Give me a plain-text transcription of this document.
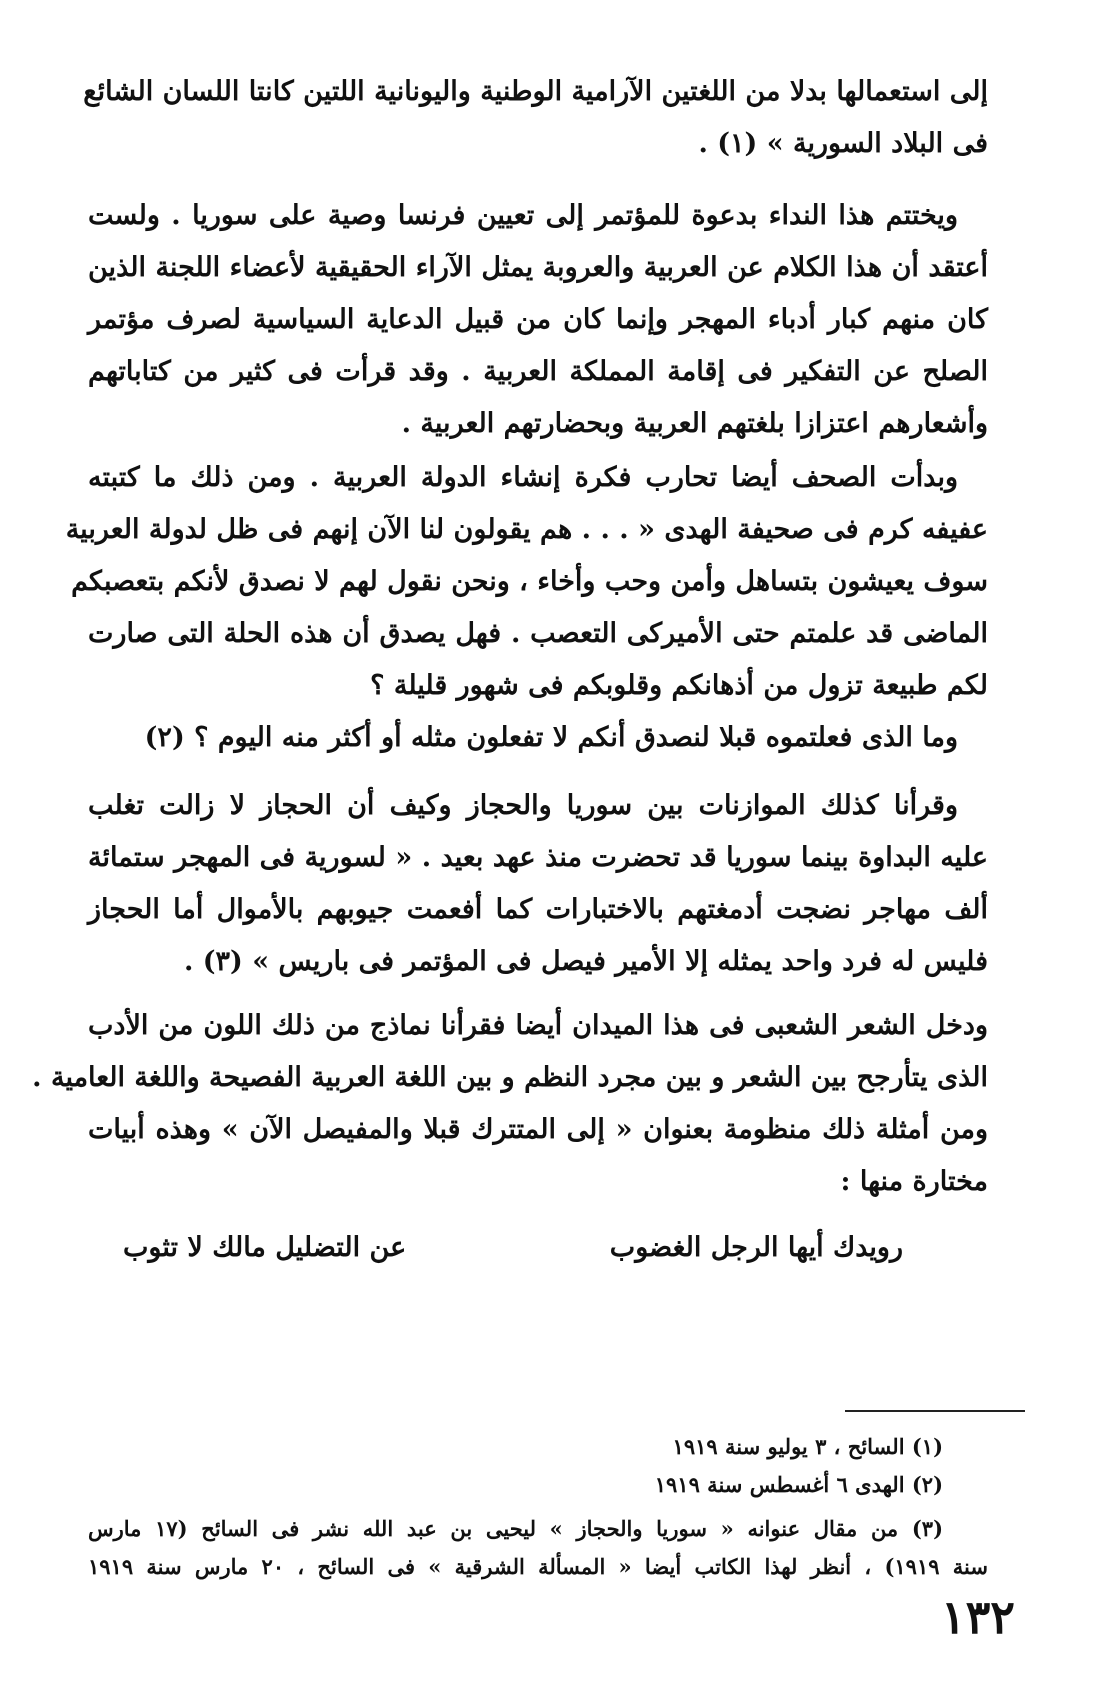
إلى استعمالها بدلا من اللغتين الآرامية الوطنية واليونانية اللتين كانتا اللسان الشائع
فى البلاد السورية » (١) .
ويختتم هذا النداء بدعوة للمؤتمر إلى تعيين فرنسا وصية على سوريا . ولست
أعتقد أن هذا الكلام عن العربية والعروبة يمثل الآراء الحقيقية لأعضاء اللجنة الذين
كان منهم كبار أدباء المهجر وإنما كان من قبيل الدعاية السياسية لصرف مؤتمر
الصلح عن التفكير فى إقامة المملكة العربية . وقد قرأت فى كثير من كتاباتهم
وأشعارهم اعتزازا بلغتهم العربية وبحضارتهم العربية .
وبدأت الصحف أيضا تحارب فكرة إنشاء الدولة العربية . ومن ذلك ما كتبته
عفيفه كرم فى صحيفة الهدى « . . . هم يقولون لنا الآن إنهم فى ظل لدولة العربية
سوف يعيشون بتساهل وأمن وحب وأخاء ، ونحن نقول لهم لا نصدق لأنكم بتعصبكم
الماضى قد علمتم حتى الأميركى التعصب . فهل يصدق أن هذه الحلة التى صارت
لكم طبيعة تزول من أذهانكم وقلوبكم فى شهور قليلة ؟
وما الذى فعلتموه قبلا لنصدق أنكم لا تفعلون مثله أو أكثر منه اليوم ؟ (٢)
وقرأنا كذلك الموازنات بين سوريا والحجاز وكيف أن الحجاز لا زالت تغلب
عليه البداوة بينما سوريا قد تحضرت منذ عهد بعيد . « لسورية فى المهجر ستمائة
ألف مهاجر نضجت أدمغتهم بالاختبارات كما أفعمت جيوبهم بالأموال أما الحجاز
فليس له فرد واحد يمثله إلا الأمير فيصل فى المؤتمر فى باريس » (٣) .
ودخل الشعر الشعبى فى هذا الميدان أيضا فقرأنا نماذج من ذلك اللون من الأدب
الذى يتأرجح بين الشعر و بين مجرد النظم و بين اللغة العربية الفصيحة واللغة العامية .
ومن أمثلة ذلك منظومة بعنوان « إلى المتترك قبلا والمفيصل الآن » وهذه أبيات
مختارة منها :
رويدك أيها الرجل الغضوب
عن التضليل مالك لا تثوب
(١) السائح ، ٣ يوليو سنة ١٩١٩
(٢) الهدى ٦ أغسطس سنة ١٩١٩
(٣) من مقال عنوانه « سوريا والحجاز » ليحيى بن عبد الله نشر فى السائح (١٧ مارس
سنة ١٩١٩) ، أنظر لهذا الكاتب أيضا « المسألة الشرقية » فى السائح ، ٢٠ مارس سنة ١٩١٩
١٣٢
